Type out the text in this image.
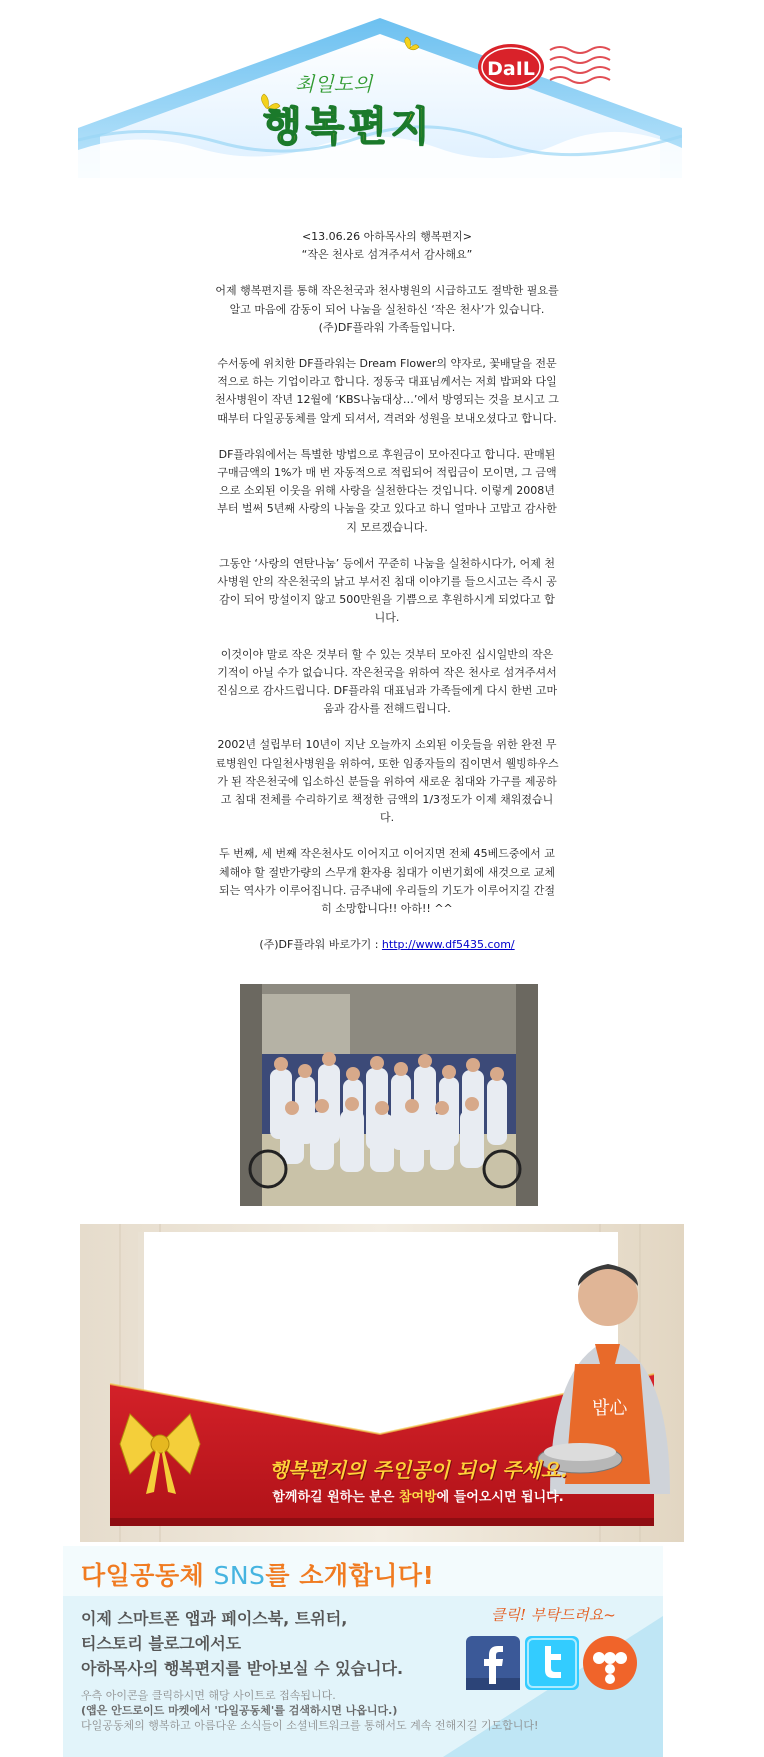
최일도의
행복편지
DaIL
<13.06.26 아하목사의 행복편지>
“작은 천사로 섬겨주셔서 감사해요”

어제 행복편지를 통해 작은천국과 천사병원의 시급하고도 절박한 필요를 알고 마음에 감동이 되어 나눔을 실천하신 ‘작은 천사’가 있습니다. (주)DF플라워 가족들입니다.

수서동에 위치한 DF플라워는 Dream Flower의 약자로, 꽃배달을 전문적으로 하는 기업이라고 합니다. 정동국 대표님께서는 저희 밥퍼와 다일천사병원이 작년 12월에 ‘KBS나눔대상…’에서 방영되는 것을 보시고 그때부터 다일공동체를 알게 되셔서, 격려와 성원을 보내오셨다고 합니다.

DF플라워에서는 특별한 방법으로 후원금이 모아진다고 합니다. 판매된 구매금액의 1%가 매 번 자동적으로 적립되어 적립금이 모이면, 그 금액으로 소외된 이웃을 위해 사랑을 실천한다는 것입니다. 이렇게 2008년부터 벌써 5년째 사랑의 나눔을 갖고 있다고 하니 얼마나 고맙고 감사한지 모르겠습니다.

그동안 ‘사랑의 연탄나눔’ 등에서 꾸준히 나눔을 실천하시다가, 어제 천사병원 안의 작은천국의 낡고 부서진 침대 이야기를 들으시고는 즉시 공감이 되어 망설이지 않고 500만원을 기쁨으로 후원하시게 되었다고 합니다.

이것이야 말로 작은 것부터 할 수 있는 것부터 모아진 십시일반의 작은 기적이 아닐 수가 없습니다. 작은천국을 위하여 작은 천사로 섬겨주셔서 진심으로 감사드립니다. DF플라워 대표님과 가족들에게 다시 한번 고마움과 감사를 전해드립니다.

2002년 설립부터 10년이 지난 오늘까지 소외된 이웃들을 위한 완전 무료병원인 다일천사병원을 위하여, 또한 임종자들의 집이면서 웰빙하우스가 된 작은천국에 입소하신 분들을 위하여 새로운 침대와 가구를 제공하고 침대 전체를 수리하기로 책정한 금액의 1/3정도가 이제 채워졌습니다.

두 번째, 세 번째 작은천사도 이어지고 이어지면 전체 45베드중에서 교체해야 할 절반가량의 스무개 환자용 침대가 이번기회에 새것으로 교체되는 역사가 이루어집니다. 금주내에 우리들의 기도가 이루어지길 간절히 소망합니다!! 아하!! ^^

(주)DF플라워 바로가기 : http://www.df5435.com/

밥心
행복편지의 주인공이 되어 주세요.
함께하길 원하는 분은 참여방에 들어오시면 됩니다.
다일공동체 SNS를 소개합니다!
이제 스마트폰 앱과 페이스북, 트위터,
티스토리 블로그에서도
아하목사의 행복편지를 받아보실 수 있습니다.
우측 아이콘을 클릭하시면 해당 사이트로 접속됩니다.
(앱은 안드로이드 마켓에서 '다일공동체'를 검색하시면 나옵니다.)
다일공동체의 행복하고 아름다운 소식들이 소셜네트워크를 통해서도 계속 전해지길 기도합니다!
클릭! 부탁드려요~
